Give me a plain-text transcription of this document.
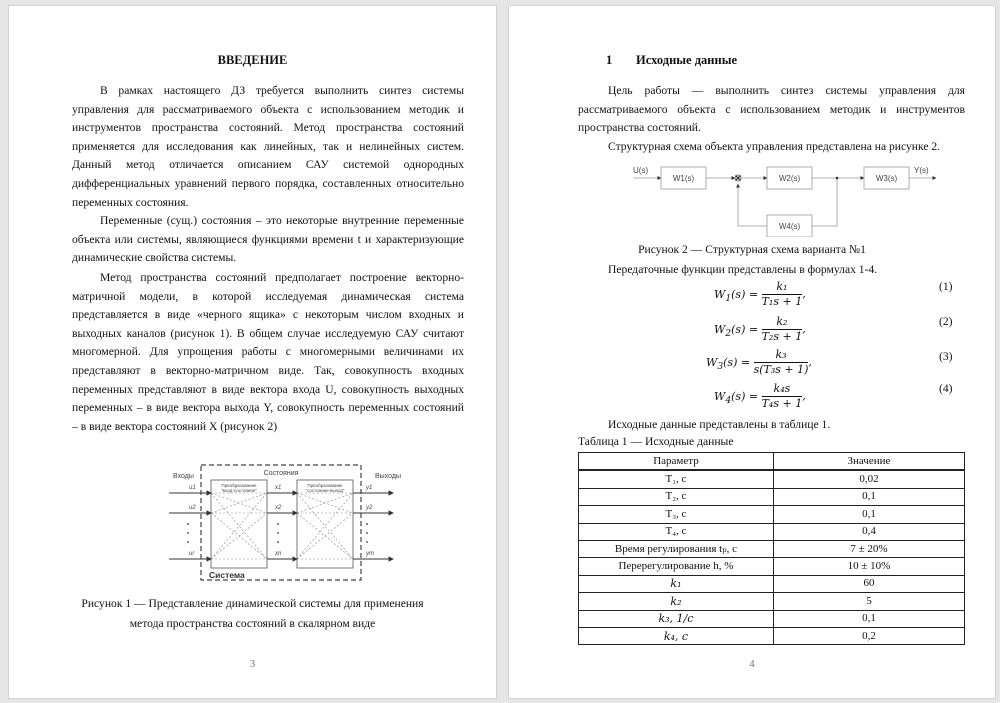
ВВЕДЕНИЕ
В рамках настоящего ДЗ требуется выполнить синтез системы
управления для рассматриваемого объекта с использованием методик и
инструментов пространства состояний. Метод пространства состояний
применяется для исследования как линейных, так и нелинейных систем.
Данный метод отличается описанием САУ системой однородных
дифференциальных уравнений первого порядка, составленных относительно
переменных состояния.
Переменные (сущ.) состояния – это некоторые внутренние переменные
объекта или системы, являющиеся функциями времени t и характеризующие
динамические свойства системы.
Метод пространства состояний предполагает построение векторно-
матричной модели, в которой исследуемая динамическая система
представляется в виде «черного ящика» с некоторым числом входных и
выходных каналов (рисунок 1). В общем случае исследуемую САУ считают
многомерной. Для упрощения работы с многомерными величинами их
представляют в векторно-матричном виде. Так, совокупность входных
переменных представляют в виде вектора входа U, совокупность выходных
переменных – в виде вектора выхода Y, совокупность переменных состояний
– в виде вектора состояний X (рисунок 2)
Входы	Состояния	Выходы
Преобразование
"вход-состояние"
Преобразование
"состояние-выход"
u1
u2
ur
x1
x2
xn
y1
y2
ym
Система
Рисунок 1 — Представление динамической системы для применения
метода пространства состояний в скалярном виде
3
1 Исходные данные
Цель работы — выполнить синтез системы управления для
рассматриваемого объекта с использованием методик и инструментов
пространства состояний.
Структурная схема объекта управления представлена на рисунке 2.
W1(s)	W2(s)	W3(s)
W4(s)
U(s)	Y(s)
Рисунок 2 — Структурная схема варианта №1
Передаточные функции представлены в формулах 1-4.
$W_1(s) = \frac{\text{k₁}}{\text{T₁s + 1}}$ ,
(1)
$W_2(s) = \frac{\text{k₂}}{\text{T₂s + 1}}$ ,
(2)
$W_3(s) = \frac{\text{k₃}}{\text{s(T₃s + 1)}}$ ,	(3)
$W_4(s) = \frac{\text{k₄s}}{\text{T₄s + 1}}$ ,
(4)
Исходные данные представлены в таблице 1.
Таблица 1 — Исходные данные
Параметр	Значение
T₁, с	0,02
T₂, с	0,1
T₃, с	0,1
T₄, с	0,4
Время регулирования tₚ, с	7 ± 20%
Перерегулирование h, %	10 ± 10%
k₁	60
k₂	5
k₃, 1/с	0,1
k₄, с	0,2
4
